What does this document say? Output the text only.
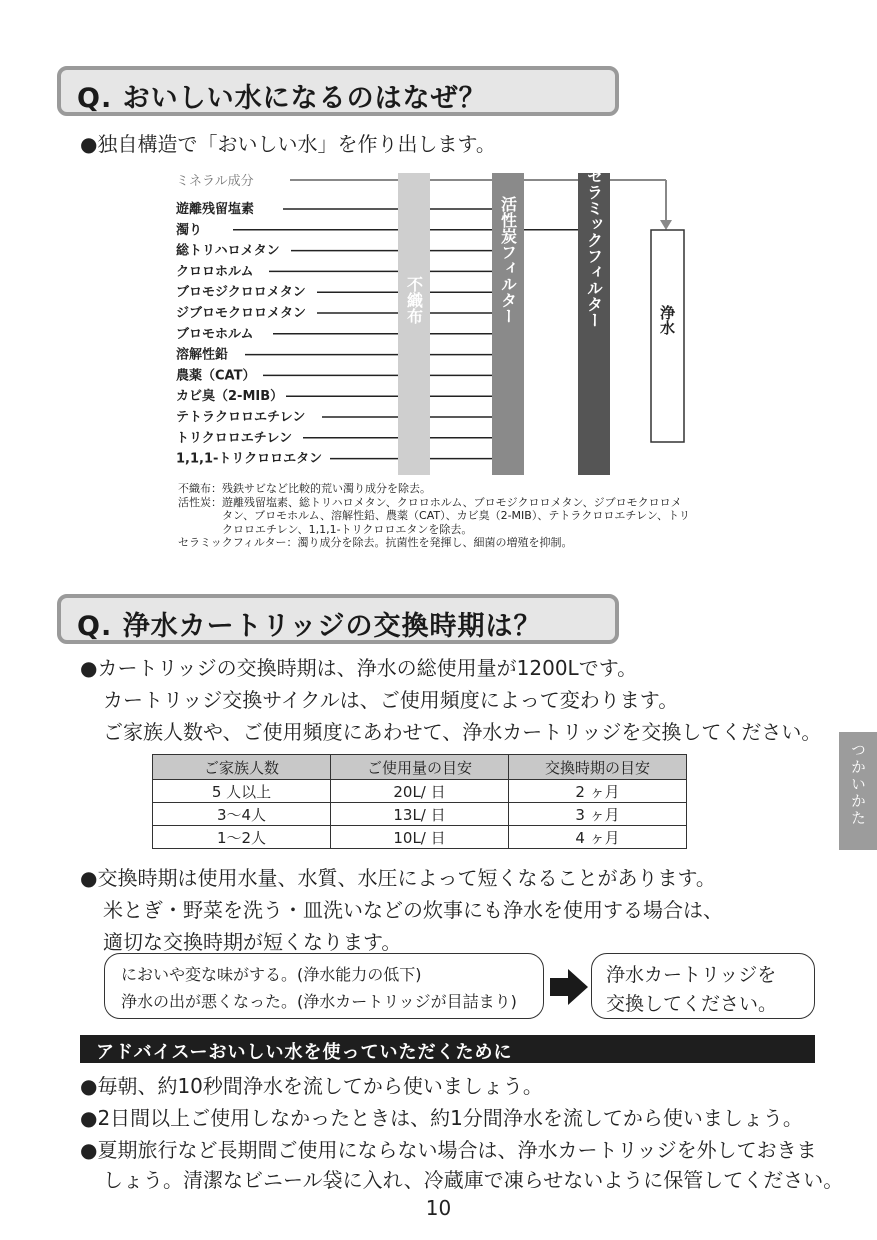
Q. おいしい水になるのはなぜ？
●独自構造で「おいしい水」を作り出します。
ミネラル成分
遊離残留塩素
濁り
総トリハロメタン
クロロホルム
ブロモジクロロメタン
ジブロモクロロメタン
ブロモホルム
溶解性鉛
農薬（CAT）
カビ臭（2-MIB）
テトラクロロエチレン
トリクロロエチレン
1,1,1-トリクロロエタン
不織布	活性炭フィルター	セラミックフィルター	浄水
不織布：残鉄サビなど比較的荒い濁り成分を除去。
活性炭：遊離残留塩素、総トリハロメタン、クロロホルム、ブロモジクロロメタン、ジブロモクロロメ
　　　　タン、ブロモホルム、溶解性鉛、農薬（CAT）、カビ臭（2-MIB）、テトラクロロエチレン、トリ
　　　　クロロエチレン、1,1,1-トリクロロエタンを除去。
セラミックフィルター：濁り成分を除去。抗菌性を発揮し、細菌の増殖を抑制。
Q. 浄水カートリッジの交換時期は？
●カートリッジの交換時期は、浄水の総使用量が1200Lです。
カートリッジ交換サイクルは、ご使用頻度によって変わります。
ご家族人数や、ご使用頻度にあわせて、浄水カートリッジを交換してください。
つかいかた
ご家族人数	ご使用量の目安	交換時期の目安
5 人以上	20L/ 日	2 ヶ月
3～4人	13L/ 日	3 ヶ月
1～2人	10L/ 日	4 ヶ月
●交換時期は使用水量、水質、水圧によって短くなることがあります。
米とぎ・野菜を洗う・皿洗いなどの炊事にも浄水を使用する場合は、
適切な交換時期が短くなります。
においや変な味がする。(浄水能力の低下)
浄水の出が悪くなった。(浄水カートリッジが目詰まり)
浄水カートリッジを
交換してください。
アドバイスーおいしい水を使っていただくために
●毎朝、約10秒間浄水を流してから使いましょう。
●2日間以上ご使用しなかったときは、約1分間浄水を流してから使いましょう。
●夏期旅行など長期間ご使用にならない場合は、浄水カートリッジを外しておきま
しょう。清潔なビニール袋に入れ、冷蔵庫で凍らせないように保管してください。
10
